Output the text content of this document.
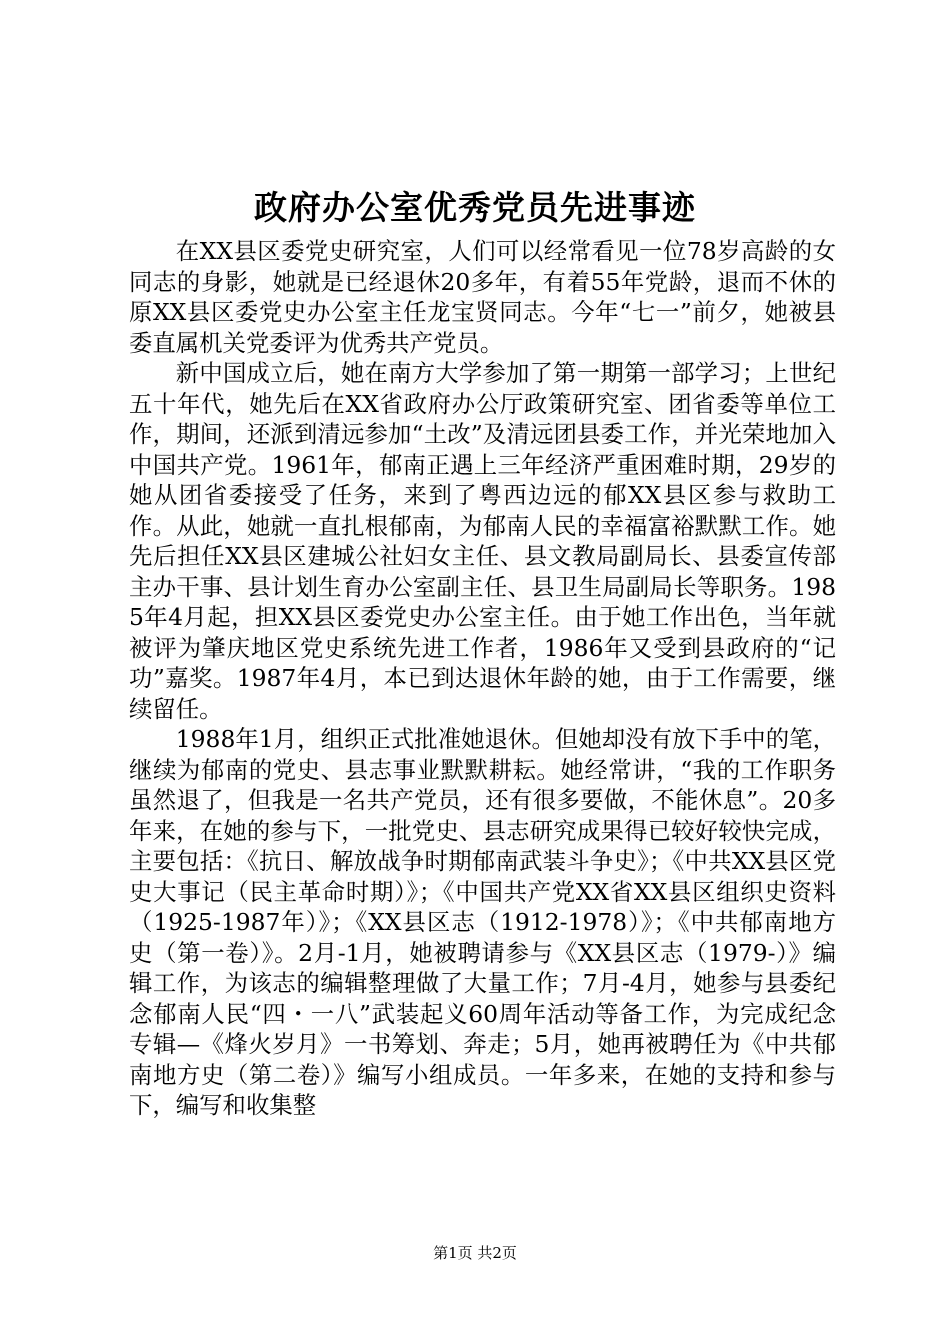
政府办公室优秀党员先进事迹

在XX县区委党史研究室，人们可以经常看见一位78岁高龄的女同志的身影，她就是已经退休20多年，有着55年党龄，退而不休的原XX县区委党史办公室主任龙宝贤同志。今年“七一”前夕，她被县委直属机关党委评为优秀共产党员。

新中国成立后，她在南方大学参加了第一期第一部学习；上世纪五十年代，她先后在XX省政府办公厅政策研究室、团省委等单位工作，期间，还派到清远参加“土改”及清远团县委工作，并光荣地加入中国共产党。1961年，郁南正遇上三年经济严重困难时期，29岁的她从团省委接受了任务，来到了粤西边远的郁XX县区参与救助工作。从此，她就一直扎根郁南，为郁南人民的幸福富裕默默工作。她先后担任XX县区建城公社妇女主任、县文教局副局长、县委宣传部主办干事、县计划生育办公室副主任、县卫生局副局长等职务。1985年4月起，担XX县区委党史办公室主任。由于她工作出色，当年就被评为肇庆地区党史系统先进工作者，1986年又受到县政府的“记功”嘉奖。1987年4月，本已到达退休年龄的她，由于工作需要，继续留任。

1988年1月，组织正式批准她退休。但她却没有放下手中的笔，继续为郁南的党史、县志事业默默耕耘。她经常讲，“我的工作职务虽然退了，但我是一名共产党员，还有很多要做，不能休息”。20多年来，在她的参与下，一批党史、县志研究成果得已较好较快完成，主要包括：《抗日、解放战争时期郁南武装斗争史》；《中共XX县区党史大事记（民主革命时期）》；《中国共产党XX省XX县区组织史资料（1925-1987年）》；《XX县区志（1912-1978）》；《中共郁南地方史（第一卷）》。2月-1月，她被聘请参与《XX县区志（1979-）》编辑工作，为该志的编辑整理做了大量工作；7月-4月，她参与县委纪念郁南人民“四・一八”武装起义60周年活动等备工作，为完成纪念专辑—《烽火岁月》一书筹划、奔走；5月，她再被聘任为《中共郁南地方史（第二卷）》编写小组成员。一年多来，在她的支持和参与下，编写和收集整

第1页 共2页
